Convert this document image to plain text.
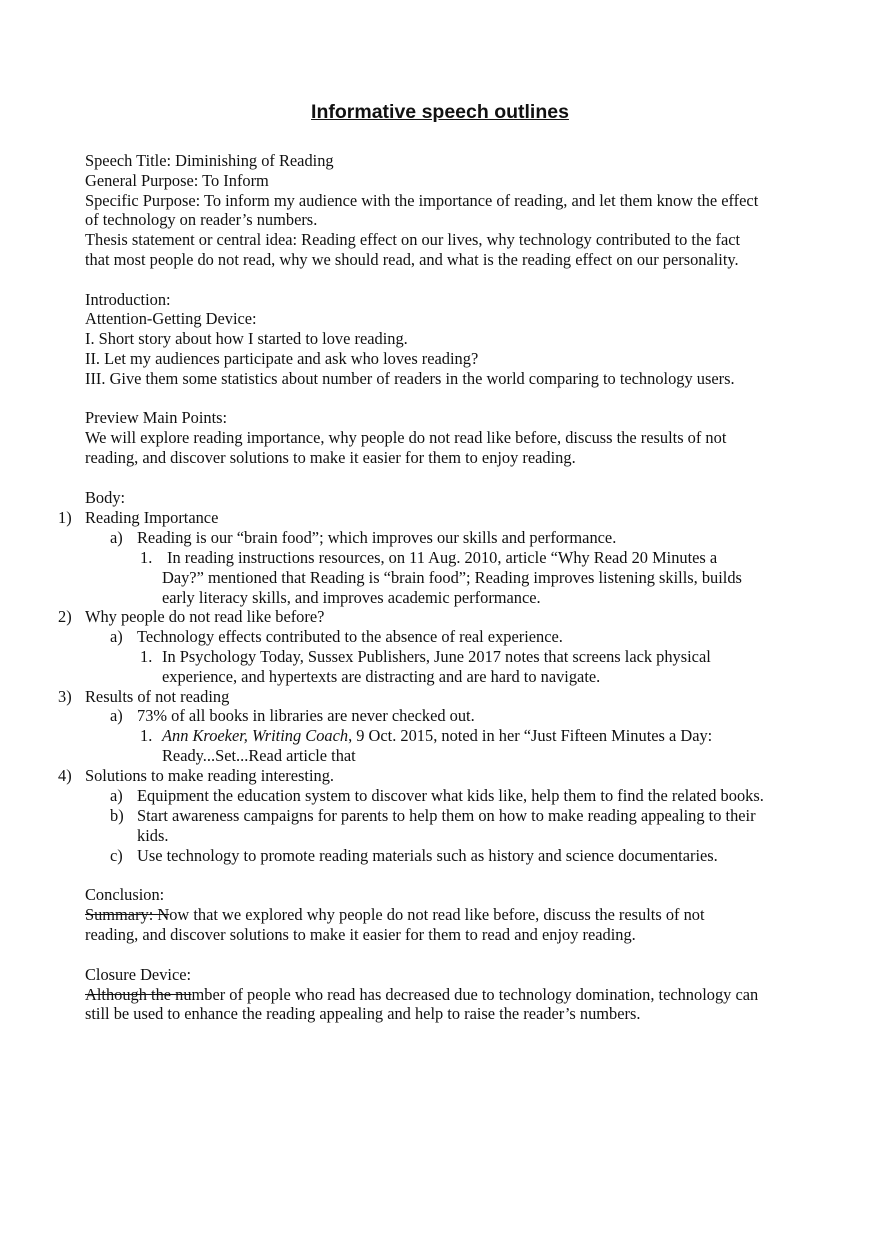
Informative speech outlines

Speech Title: Diminishing of Reading

General Purpose: To Inform

Specific Purpose: To inform my audience with the importance of reading, and let them know the effect

of technology on reader’s numbers.

Thesis statement or central idea: Reading effect on our lives, why technology contributed to the fact

that most people do not read, why we should read, and what is the reading effect on our personality.

Introduction:

Attention-Getting Device:

I. Short story about how I started to love reading.

II. Let my audiences participate and ask who loves reading?

III. Give them some statistics about number of readers in the world comparing to technology users.

Preview Main Points:

We will explore reading importance, why people do not read like before, discuss the results of not

reading, and discover solutions to make it easier for them to enjoy reading.

Body:

1) Reading Importance

a) Reading is our “brain food”; which improves our skills and performance.

1. In reading instructions resources, on 11 Aug. 2010, article “Why Read 20 Minutes a

Day?” mentioned that Reading is “brain food”; Reading improves listening skills, builds

early literacy skills, and improves academic performance.

2) Why people do not read like before?

a) Technology effects contributed to the absence of real experience.

1. In Psychology Today, Sussex Publishers, June 2017 notes that screens lack physical

experience, and hypertexts are distracting and are hard to navigate.

3) Results of not reading

a) 73% of all books in libraries are never checked out.

1. Ann Kroeker, Writing Coach, 9 Oct. 2015, noted in her “Just Fifteen Minutes a Day:

Ready...Set...Read article that

4) Solutions to make reading interesting.

a) Equipment the education system to discover what kids like, help them to find the related books.

b) Start awareness campaigns for parents to help them on how to make reading appealing to their

kids.

c) Use technology to promote reading materials such as history and science documentaries.

Conclusion:

Summary: Now that we explored why people do not read like before, discuss the results of not

reading, and discover solutions to make it easier for them to read and enjoy reading.

Closure Device:

Although the number of people who read has decreased due to technology domination, technology can

still be used to enhance the reading appealing and help to raise the reader’s numbers.
